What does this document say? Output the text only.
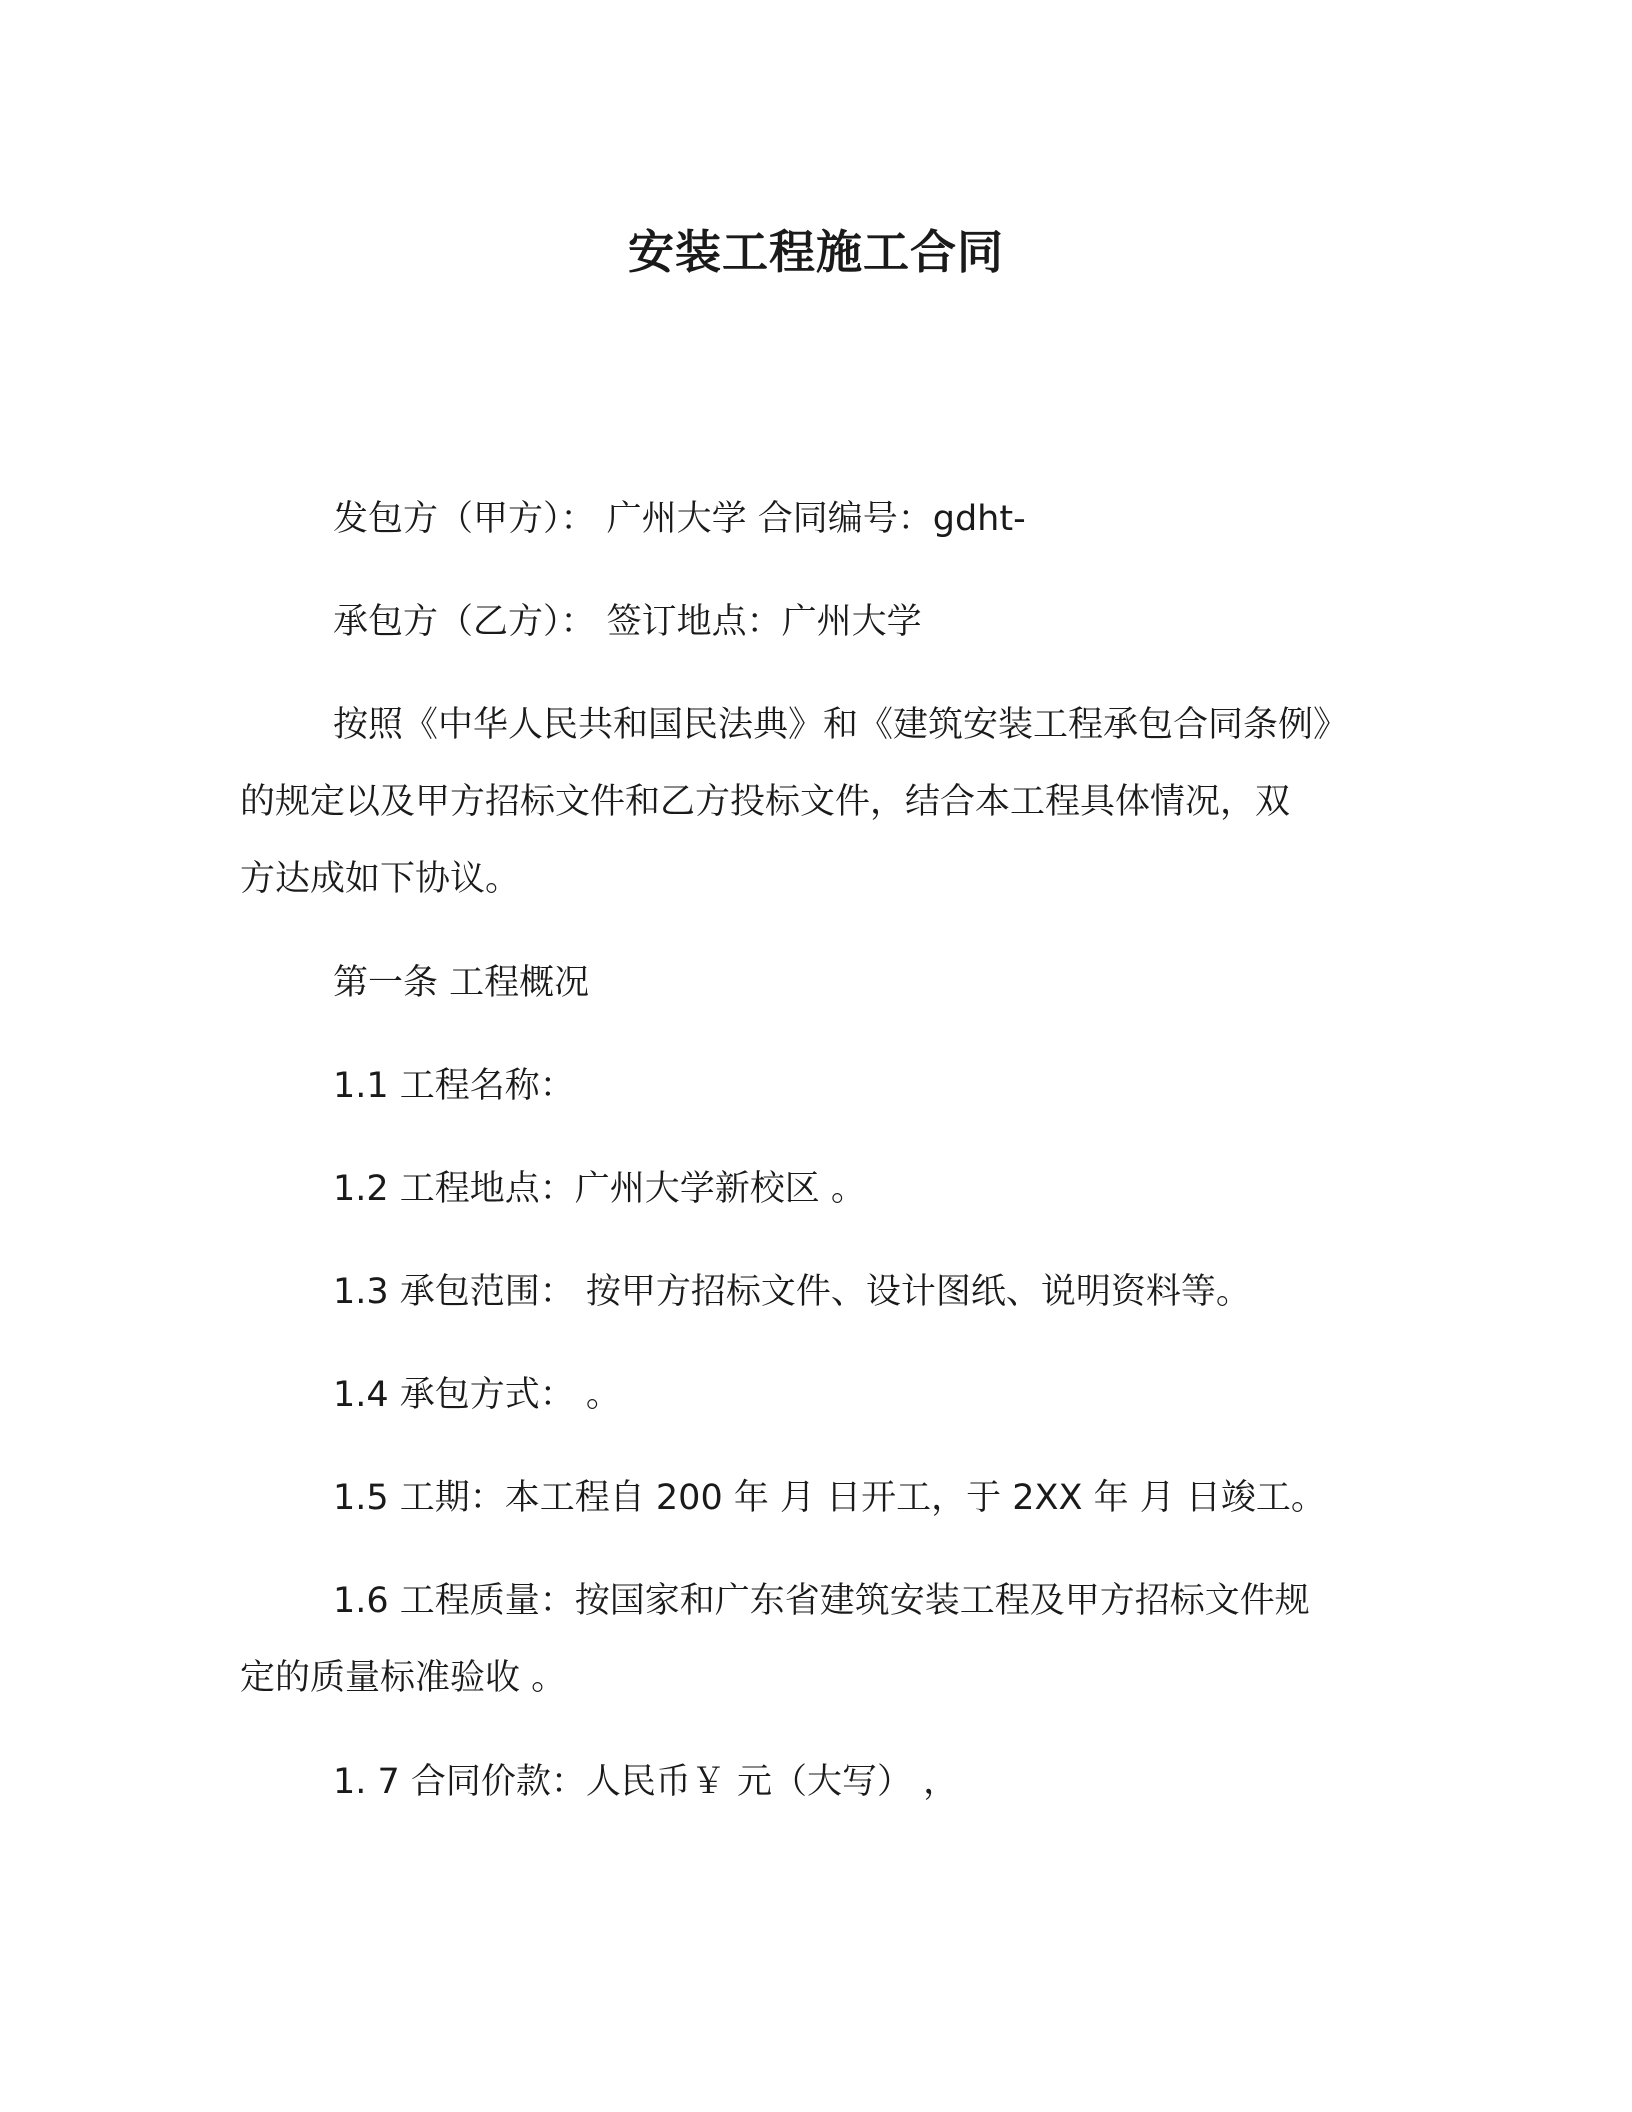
安装工程施工合同
发包方（甲方）： 广州大学 合同编号：gdht-
承包方（乙方）： 签订地点：广州大学
按照《中华人民共和国民法典》和《建筑安装工程承包合同条例》
的规定以及甲方招标文件和乙方投标文件，结合本工程具体情况，双
方达成如下协议。
第一条 工程概况
1.1 工程名称：
1.2 工程地点：广州大学新校区 。
1.3 承包范围： 按甲方招标文件、设计图纸、说明资料等。
1.4 承包方式： 。
1.5 工期：本工程自 200 年 月 日开工，于 2XX 年 月 日竣工。
1.6 工程质量：按国家和广东省建筑安装工程及甲方招标文件规
定的质量标准验收 。
1. 7 合同价款：人民币￥ 元（大写） ，
